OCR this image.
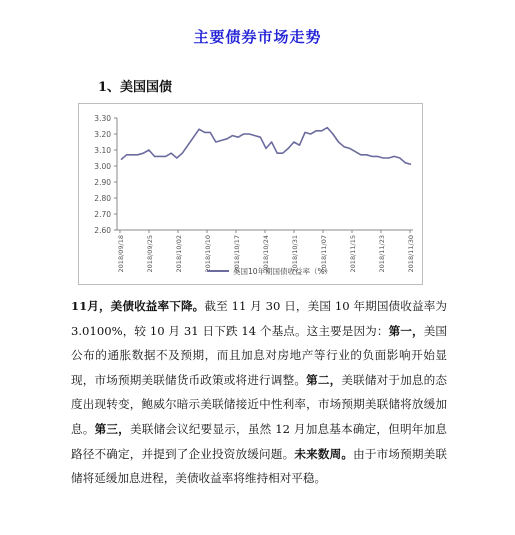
主要债券市场走势
1、美国国债
3.30
3.20
3.10
3.00
2.90
2.80
2.70
2.60
2018/09/18	2018/09/25	2018/10/02	2018/10/10	2018/10/17	2018/10/24	2018/10/31	2018/11/07	2018/11/15	2018/11/23	2018/11/30
美国10年期国债收益率（%）
11月，美债收益率下降。截至 11 月 30 日，美国 10 年期国债收益率为 3.0100%，较 10 月 31 日下跌 14 个基点。这主要是因为：第一，美国公布的通胀数据不及预期，而且加息对房地产等行业的负面影响开始显现，市场预期美联储货币政策或将进行调整。第二，美联储对于加息的态度出现转变，鲍威尔暗示美联储接近中性利率，市场预期美联储将放缓加息。第三，美联储会议纪要显示，虽然 12 月加息基本确定，但明年加息路径不确定，并提到了企业投资放缓问题。未来数周。由于市场预期美联储将延缓加息进程，美债收益率将维持相对平稳。
